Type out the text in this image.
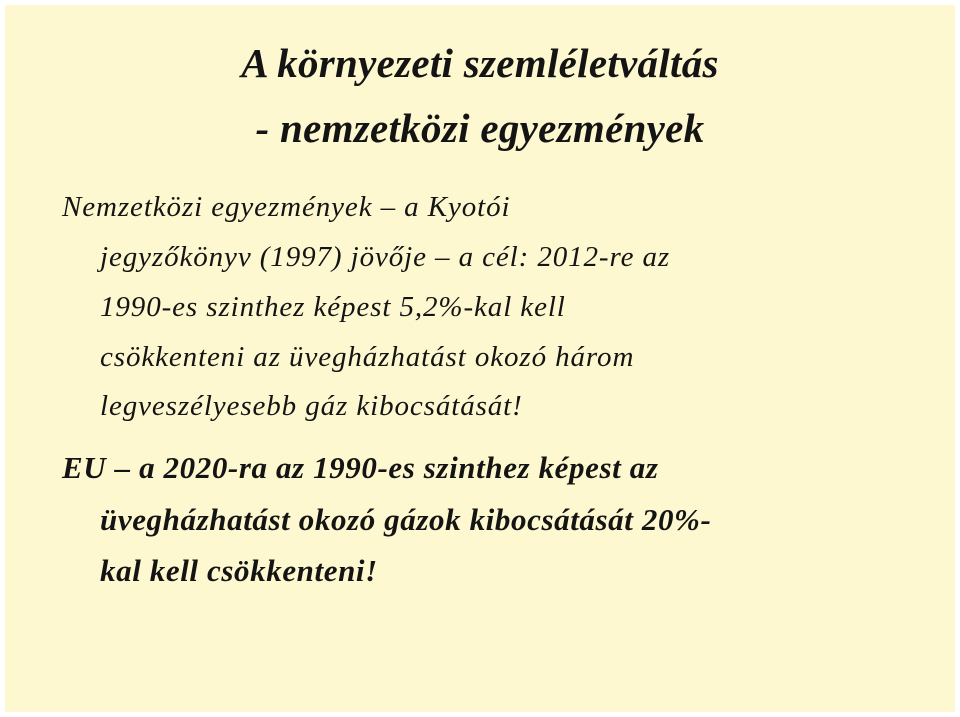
A környezeti szemléletváltás
- nemzetközi egyezmények
Nemzetközi egyezmények – a Kyotói
jegyzőkönyv (1997) jövője – a cél: 2012-re az
1990-es szinthez képest 5,2%-kal kell
csökkenteni az üvegházhatást okozó három
legveszélyesebb gáz kibocsátását!
EU – a 2020-ra az 1990-es szinthez képest az
üvegházhatást okozó gázok kibocsátását 20%-
kal kell csökkenteni!
